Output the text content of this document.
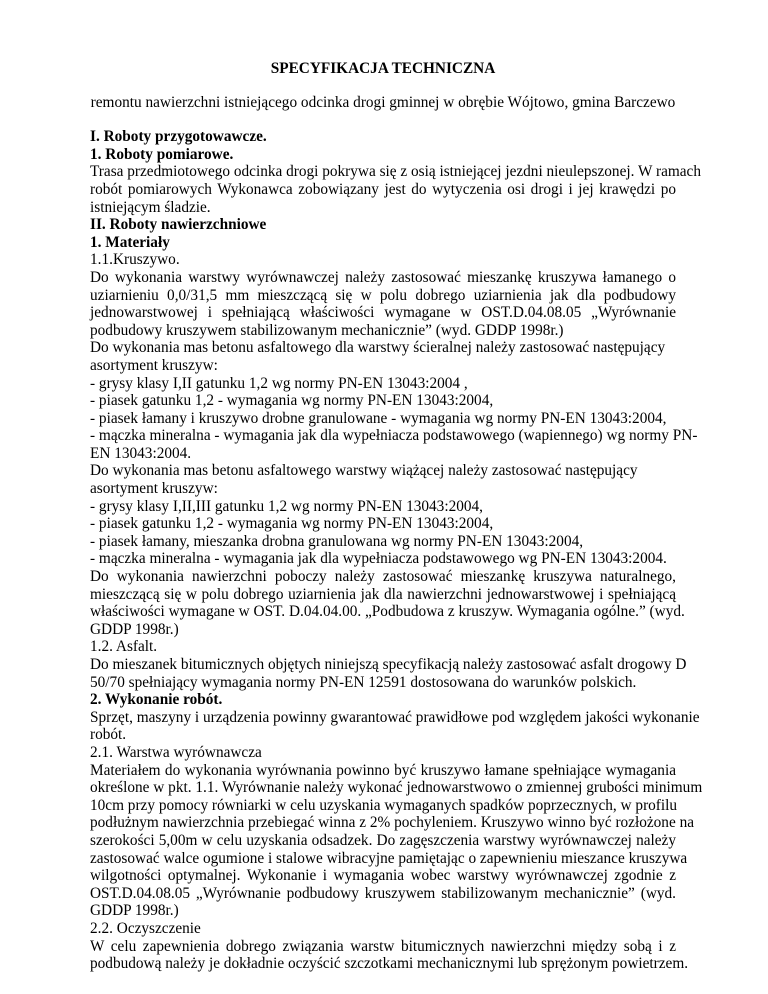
SPECYFIKACJA TECHNICZNA

remontu nawierzchni istniejącego odcinka drogi gminnej w obrębie Wójtowo, gmina Barczewo

I. Roboty przygotowawcze.

1. Roboty pomiarowe.

Trasa przedmiotowego odcinka drogi pokrywa się z osią istniejącej jezdni nieulepszonej. W ramach

robót pomiarowych Wykonawca zobowiązany jest do wytyczenia osi drogi i jej krawędzi po

istniejącym śladzie.

II. Roboty nawierzchniowe

1. Materiały

1.1.Kruszywo.

Do wykonania warstwy wyrównawczej należy zastosować mieszankę kruszywa łamanego o

uziarnieniu 0,0/31,5 mm mieszczącą się w polu dobrego uziarnienia jak dla podbudowy

jednowarstwowej i spełniającą właściwości wymagane w OST.D.04.08.05 „Wyrównanie

podbudowy kruszywem stabilizowanym mechanicznie” (wyd. GDDP 1998r.)

Do wykonania mas betonu asfaltowego dla warstwy ścieralnej należy zastosować następujący

asortyment kruszyw:

- grysy klasy I,II gatunku 1,2 wg normy PN-EN 13043:2004 ,

- piasek gatunku 1,2 - wymagania wg normy PN-EN 13043:2004,

- piasek łamany i kruszywo drobne granulowane - wymagania wg normy PN-EN 13043:2004,

- mączka mineralna - wymagania jak dla wypełniacza podstawowego (wapiennego) wg normy PN-

EN 13043:2004.

Do wykonania mas betonu asfaltowego warstwy wiążącej należy zastosować następujący

asortyment kruszyw:

- grysy klasy I,II,III gatunku 1,2 wg normy PN-EN 13043:2004,

- piasek gatunku 1,2 - wymagania wg normy PN-EN 13043:2004,

- piasek łamany, mieszanka drobna granulowana wg normy PN-EN 13043:2004,

- mączka mineralna - wymagania jak dla wypełniacza podstawowego wg PN-EN 13043:2004.

Do wykonania nawierzchni poboczy należy zastosować mieszankę kruszywa naturalnego,

mieszczącą się w polu dobrego uziarnienia jak dla nawierzchni jednowarstwowej i spełniającą

właściwości wymagane w OST. D.04.04.00. „Podbudowa z kruszyw. Wymagania ogólne.” (wyd.

GDDP 1998r.)

1.2. Asfalt.

Do mieszanek bitumicznych objętych niniejszą specyfikacją należy zastosować asfalt drogowy D

50/70 spełniający wymagania normy PN-EN 12591 dostosowana do warunków polskich.

2. Wykonanie robót.

Sprzęt, maszyny i urządzenia powinny gwarantować prawidłowe pod względem jakości wykonanie

robót.

2.1. Warstwa wyrównawcza

Materiałem do wykonania wyrównania powinno być kruszywo łamane spełniające wymagania

określone w pkt. 1.1. Wyrównanie należy wykonać jednowarstwowo o zmiennej grubości minimum

10cm przy pomocy równiarki w celu uzyskania wymaganych spadków poprzecznych, w profilu

podłużnym nawierzchnia przebiegać winna z 2% pochyleniem. Kruszywo winno być rozłożone na

szerokości 5,00m w celu uzyskania odsadzek. Do zagęszczenia warstwy wyrównawczej należy

zastosować walce ogumione i stalowe wibracyjne pamiętając o zapewnieniu mieszance kruszywa

wilgotności optymalnej. Wykonanie i wymagania wobec warstwy wyrównawczej zgodnie z

OST.D.04.08.05 „Wyrównanie podbudowy kruszywem stabilizowanym mechanicznie” (wyd.

GDDP 1998r.)

2.2. Oczyszczenie

W celu zapewnienia dobrego związania warstw bitumicznych nawierzchni między sobą i z

podbudową należy je dokładnie oczyścić szczotkami mechanicznymi lub sprężonym powietrzem.
